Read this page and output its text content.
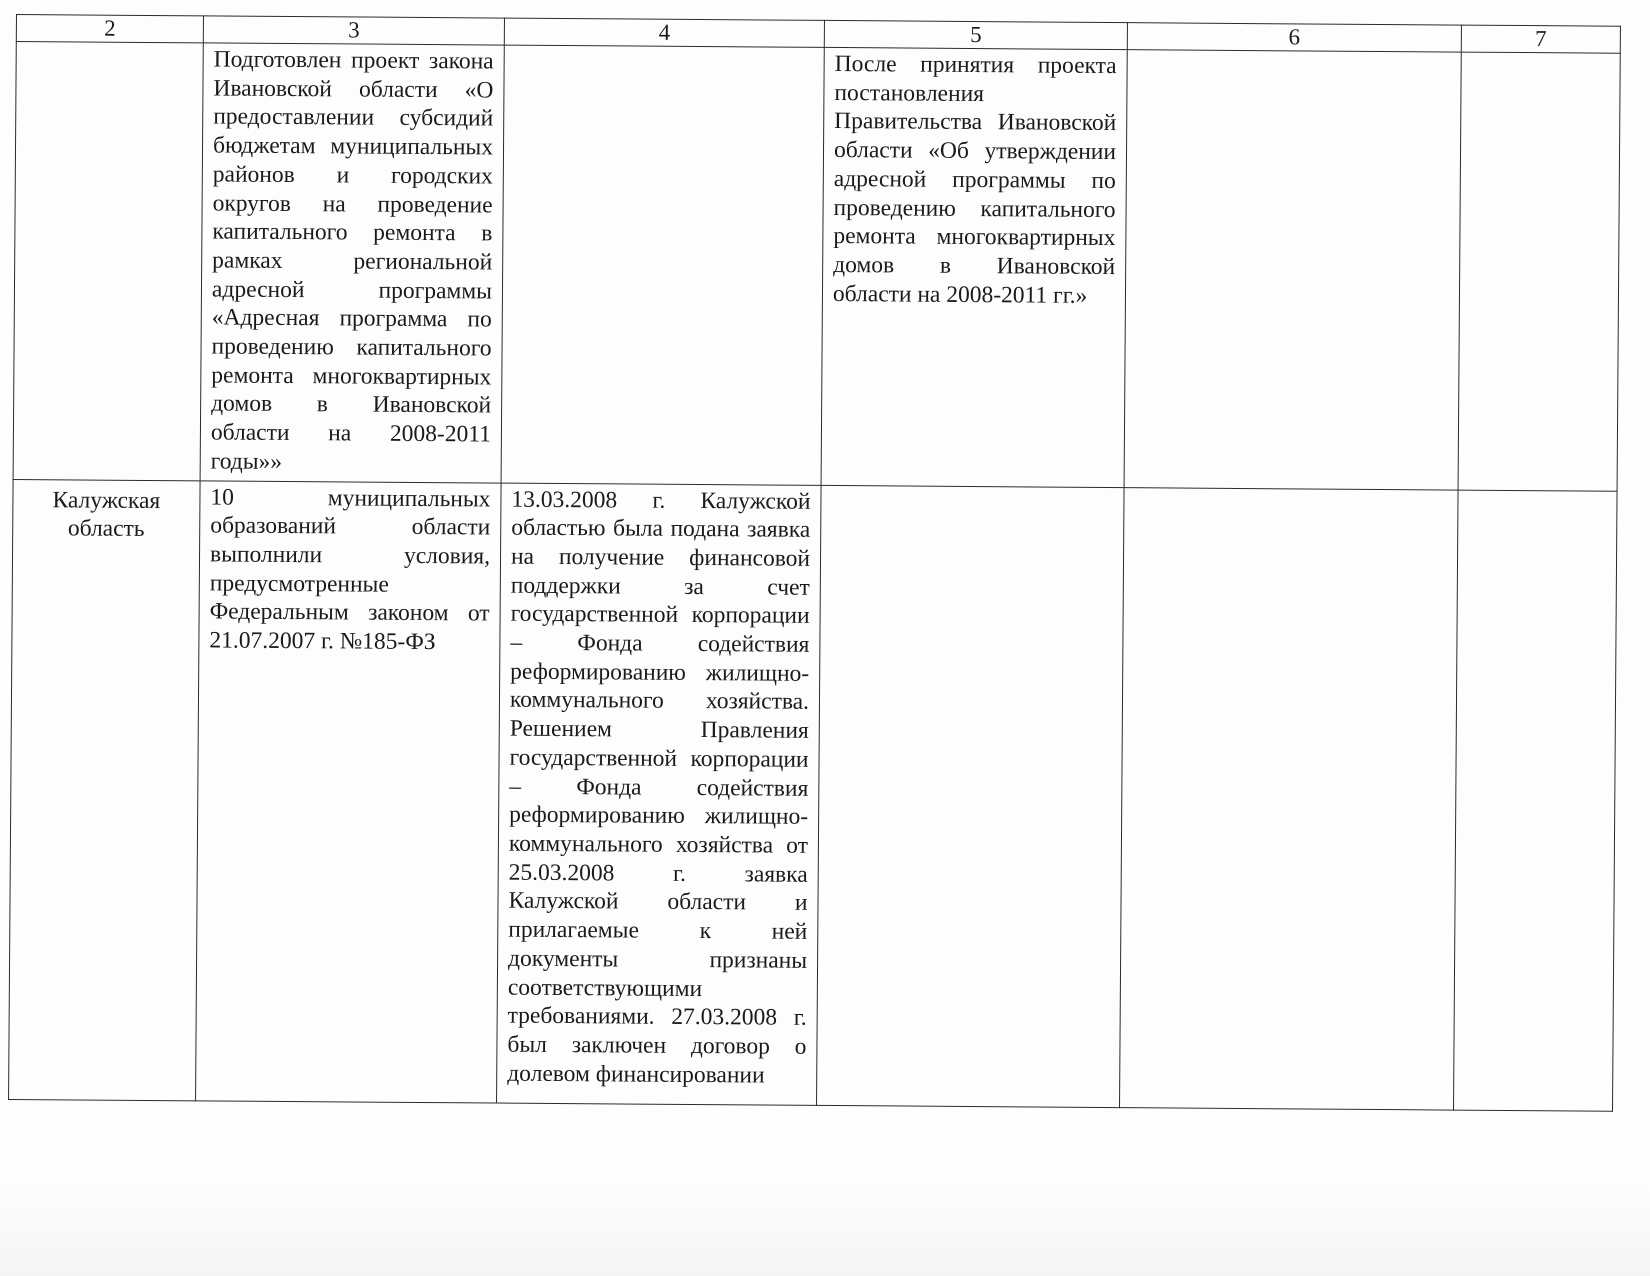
2	3	4	5	6	7

	Подготовлен проект закона Ивановской области «О предоставлении субсидий бюджетам муниципальных районов и городских округов на проведение капитального ремонта в рамках региональной адресной программы «Адресная программа по проведению капитального ремонта многоквартирных домов в Ивановской области на 2008-2011 годы»»		После принятия проекта постановления Правительства Ивановской области «Об утверждении адресной программы по проведению капитального ремонта многоквартирных домов в Ивановской области на 2008-2011 гг.»		

Калужская область	10 муниципальных образований области выполнили условия, предусмотренные Федеральным законом от 21.07.2007 г. №185-ФЗ	13.03.2008 г. Калужской областью была подана заявка на получение финансовой поддержки за счет государственной корпорации – Фонда содействия реформированию жилищно-коммунального хозяйства. Решением Правления государственной корпорации – Фонда содействия реформированию жилищно-коммунального хозяйства от 25.03.2008 г. заявка Калужской области и прилагаемые к ней документы признаны соответствующими требованиями. 27.03.2008 г. был заключен договор о долевом финансировании			
